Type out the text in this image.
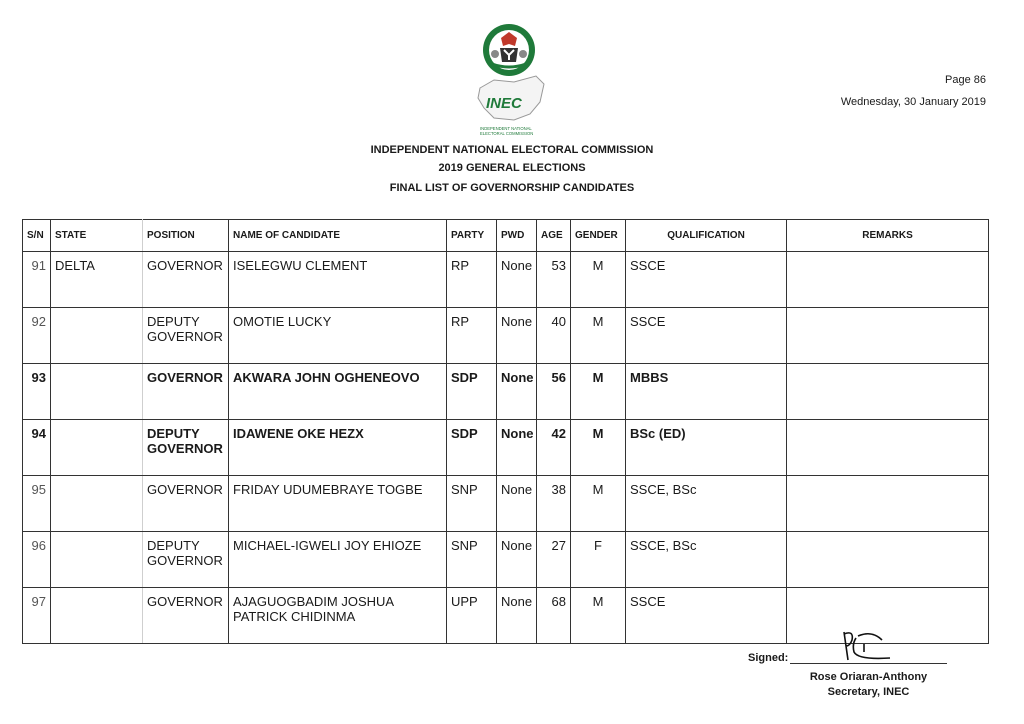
INEC
INDEPENDENT NATIONAL
ELECTORAL COMMISSION
Page 86
Wednesday, 30 January 2019
INDEPENDENT NATIONAL ELECTORAL COMMISSION
2019 GENERAL ELECTIONS
FINAL LIST OF GOVERNORSHIP CANDIDATES
S/N	STATE	POSITION	NAME OF CANDIDATE	PARTY	PWD	AGE	GENDER	QUALIFICATION	REMARKS
91	DELTA	GOVERNOR	ISELEGWU CLEMENT	RP	None	53	M	SSCE	
92		DEPUTY GOVERNOR	OMOTIE LUCKY	RP	None	40	M	SSCE	
93		GOVERNOR	AKWARA JOHN OGHENEOVO	SDP	None	56	M	MBBS	
94		DEPUTY GOVERNOR	IDAWENE OKE HEZX	SDP	None	42	M	BSc (ED)	
95		GOVERNOR	FRIDAY UDUMEBRAYE TOGBE	SNP	None	38	M	SSCE, BSc	
96		DEPUTY GOVERNOR	MICHAEL-IGWELI JOY EHIOZE	SNP	None	27	F	SSCE, BSc	
97		GOVERNOR	AJAGUOGBADIM JOSHUA PATRICK CHIDINMA	UPP	None	68	M	SSCE	
Signed:
Rose Oriaran-Anthony
Secretary, INEC
